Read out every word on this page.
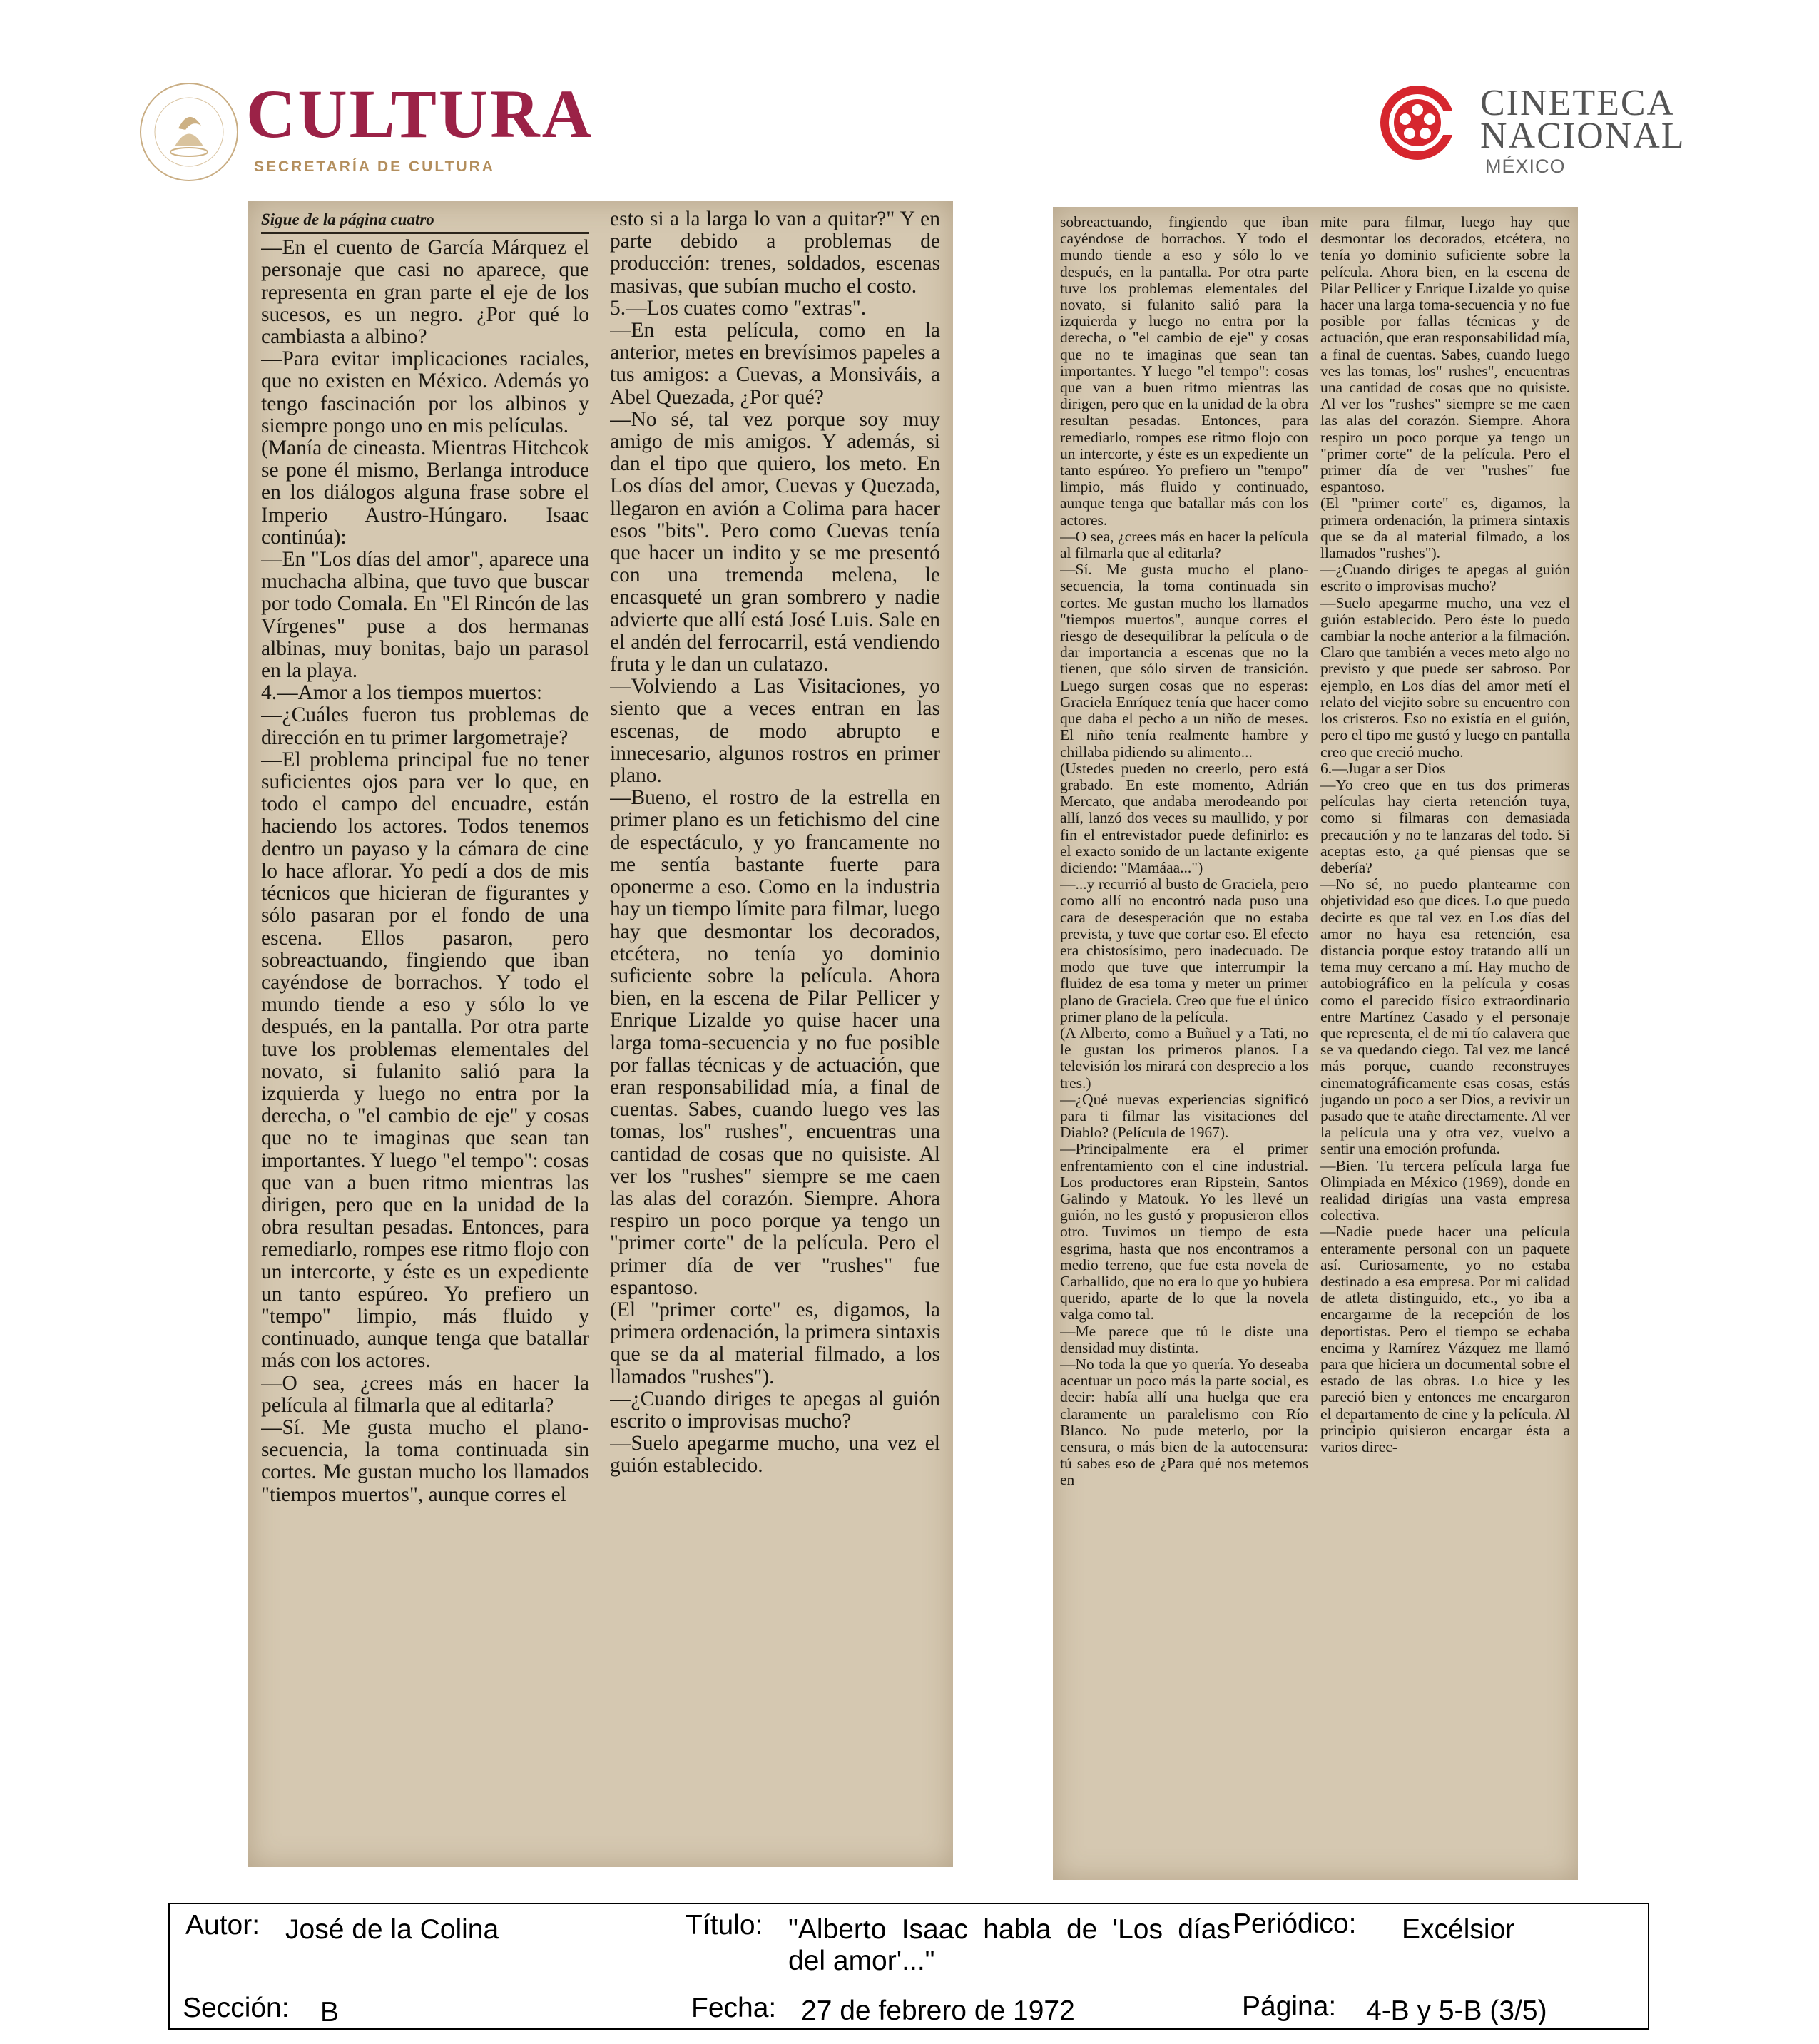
CULTURA
SECRETARÍA DE CULTURA
CINETECA
NACIONAL
MÉXICO
Sigue de la página cuatro
—En el cuento de García Márquez el personaje que casi no aparece, que representa en gran parte el eje de los sucesos, es un negro. ¿Por qué lo cambiasta a albino?
—Para evitar implicaciones raciales, que no existen en México. Además yo tengo fascinación por los albinos y siempre pongo uno en mis películas.
(Manía de cineasta. Mientras Hitchcok se pone él mismo, Berlanga introduce en los diálogos alguna frase sobre el Imperio Austro-Húngaro. Isaac continúa):
—En "Los días del amor", aparece una muchacha albina, que tuvo que buscar por todo Comala. En "El Rincón de las Vírgenes" puse a dos hermanas albinas, muy bonitas, bajo un parasol en la playa.
4.—Amor a los tiempos muertos:
—¿Cuáles fueron tus problemas de dirección en tu primer largometraje?
—El problema principal fue no tener suficientes ojos para ver lo que, en todo el campo del encuadre, están haciendo los actores. Todos tenemos dentro un payaso y la cámara de cine lo hace aflorar. Yo pedí a dos de mis técnicos que hicieran de figurantes y sólo pasaran por el fondo de una escena. Ellos pasaron, pero sobreactuando, fingiendo que iban cayéndose de borrachos. Y todo el mundo tiende a eso y sólo lo ve después, en la pantalla. Por otra parte tuve los problemas elementales del novato, si fulanito salió para la izquierda y luego no entra por la derecha, o "el cambio de eje" y cosas que no te imaginas que sean tan importantes. Y luego "el tempo": cosas que van a buen ritmo mientras las dirigen, pero que en la unidad de la obra resultan pesadas. Entonces, para remediarlo, rompes ese ritmo flojo con un intercorte, y éste es un expediente un tanto espúreo. Yo prefiero un "tempo" limpio, más fluido y continuado, aunque tenga que batallar más con los actores.
—O sea, ¿crees más en hacer la película al filmarla que al editarla?
—Sí. Me gusta mucho el plano-secuencia, la toma continuada sin cortes. Me gustan mucho los llamados "tiempos muertos", aunque corres el
esto si a la larga lo van a quitar?" Y en parte debido a problemas de producción: trenes, soldados, escenas masivas, que subían mucho el costo.
5.—Los cuates como "extras".
—En esta película, como en la anterior, metes en brevísimos papeles a tus amigos: a Cuevas, a Monsiváis, a Abel Quezada, ¿Por qué?
—No sé, tal vez porque soy muy amigo de mis amigos. Y además, si dan el tipo que quiero, los meto. En Los días del amor, Cuevas y Quezada, llegaron en avión a Colima para hacer esos "bits". Pero como Cuevas tenía que hacer un indito y se me presentó con una tremenda melena, le encasqueté un gran sombrero y nadie advierte que allí está José Luis. Sale en el andén del ferrocarril, está vendiendo fruta y le dan un culatazo.
—Volviendo a Las Visitaciones, yo siento que a veces entran en las escenas, de modo abrupto e innecesario, algunos rostros en primer plano.
—Bueno, el rostro de la estrella en primer plano es un fetichismo del cine de espectáculo, y yo francamente no me sentía bastante fuerte para oponerme a eso. Como en la industria hay un tiempo límite para filmar, luego hay que desmontar los decorados, etcétera, no tenía yo dominio suficiente sobre la película. Ahora bien, en la escena de Pilar Pellicer y Enrique Lizalde yo quise hacer una larga toma-secuencia y no fue posible por fallas técnicas y de actuación, que eran responsabilidad mía, a final de cuentas. Sabes, cuando luego ves las tomas, los" rushes", encuentras una cantidad de cosas que no quisiste. Al ver los "rushes" siempre se me caen las alas del corazón. Siempre. Ahora respiro un poco porque ya tengo un "primer corte" de la película. Pero el primer día de ver "rushes" fue espantoso.
(El "primer corte" es, digamos, la primera ordenación, la primera sintaxis que se da al material filmado, a los llamados "rushes").
—¿Cuando diriges te apegas al guión escrito o improvisas mucho?
—Suelo apegarme mucho, una vez el guión establecido.
sobreactuando, fingiendo que iban cayéndose de borrachos. Y todo el mundo tiende a eso y sólo lo ve después, en la pantalla. Por otra parte tuve los problemas elementales del novato, si fulanito salió para la izquierda y luego no entra por la derecha, o "el cambio de eje" y cosas que no te imaginas que sean tan importantes. Y luego "el tempo": cosas que van a buen ritmo mientras las dirigen, pero que en la unidad de la obra resultan pesadas. Entonces, para remediarlo, rompes ese ritmo flojo con un intercorte, y éste es un expediente un tanto espúreo. Yo prefiero un "tempo" limpio, más fluido y continuado, aunque tenga que batallar más con los actores.
—O sea, ¿crees más en hacer la película al filmarla que al editarla?
—Sí. Me gusta mucho el plano-secuencia, la toma continuada sin cortes. Me gustan mucho los llamados "tiempos muertos", aunque corres el riesgo de desequilibrar la película o de dar importancia a escenas que no la tienen, que sólo sirven de transición. Luego surgen cosas que no esperas: Graciela Enríquez tenía que hacer como que daba el pecho a un niño de meses. El niño tenía realmente hambre y chillaba pidiendo su alimento...
(Ustedes pueden no creerlo, pero está grabado. En este momento, Adrián Mercato, que andaba merodeando por allí, lanzó dos veces su maullido, y por fin el entrevistador puede definirlo: es el exacto sonido de un lactante exigente diciendo: "Mamáaa...")
—...y recurrió al busto de Graciela, pero como allí no encontró nada puso una cara de desesperación que no estaba prevista, y tuve que cortar eso. El efecto era chistosísimo, pero inadecuado. De modo que tuve que interrumpir la fluidez de esa toma y meter un primer plano de Graciela. Creo que fue el único primer plano de la película.
(A Alberto, como a Buñuel y a Tati, no le gustan los primeros planos. La televisión los mirará con desprecio a los tres.)
—¿Qué nuevas experiencias significó para ti filmar las visitaciones del Diablo? (Película de 1967).
—Principalmente era el primer enfrentamiento con el cine industrial. Los productores eran Ripstein, Santos Galindo y Matouk. Yo les llevé un guión, no les gustó y propusieron ellos otro. Tuvimos un tiempo de esta esgrima, hasta que nos encontramos a medio terreno, que fue esta novela de Carballido, que no era lo que yo hubiera querido, aparte de lo que la novela valga como tal.
—Me parece que tú le diste una densidad muy distinta.
—No toda la que yo quería. Yo deseaba acentuar un poco más la parte social, es decir: había allí una huelga que era claramente un paralelismo con Río Blanco. No pude meterlo, por la censura, o más bien de la autocensura: tú sabes eso de ¿Para qué nos metemos en
mite para filmar, luego hay que desmontar los decorados, etcétera, no tenía yo dominio suficiente sobre la película. Ahora bien, en la escena de Pilar Pellicer y Enrique Lizalde yo quise hacer una larga toma-secuencia y no fue posible por fallas técnicas y de actuación, que eran responsabilidad mía, a final de cuentas. Sabes, cuando luego ves las tomas, los" rushes", encuentras una cantidad de cosas que no quisiste. Al ver los "rushes" siempre se me caen las alas del corazón. Siempre. Ahora respiro un poco porque ya tengo un "primer corte" de la película. Pero el primer día de ver "rushes" fue espantoso.
(El "primer corte" es, digamos, la primera ordenación, la primera sintaxis que se da al material filmado, a los llamados "rushes").
—¿Cuando diriges te apegas al guión escrito o improvisas mucho?
—Suelo apegarme mucho, una vez el guión establecido. Pero éste lo puedo cambiar la noche anterior a la filmación. Claro que también a veces meto algo no previsto y que puede ser sabroso. Por ejemplo, en Los días del amor metí el relato del viejito sobre su encuentro con los cristeros. Eso no existía en el guión, pero el tipo me gustó y luego en pantalla creo que creció mucho.
6.—Jugar a ser Dios
—Yo creo que en tus dos primeras películas hay cierta retención tuya, como si filmaras con demasiada precaución y no te lanzaras del todo. Si aceptas esto, ¿a qué piensas que se debería?
—No sé, no puedo plantearme con objetividad eso que dices. Lo que puedo decirte es que tal vez en Los días del amor no haya esa retención, esa distancia porque estoy tratando allí un tema muy cercano a mí. Hay mucho de autobiográfico en la película y cosas como el parecido físico extraordinario entre Martínez Casado y el personaje que representa, el de mi tío calavera que se va quedando ciego. Tal vez me lancé más porque, cuando reconstruyes cinematográficamente esas cosas, estás jugando un poco a ser Dios, a revivir un pasado que te atañe directamente. Al ver la película una y otra vez, vuelvo a sentir una emoción profunda.
—Bien. Tu tercera película larga fue Olimpiada en México (1969), donde en realidad dirigías una vasta empresa colectiva.
—Nadie puede hacer una película enteramente personal con un paquete así. Curiosamente, yo no estaba destinado a esa empresa. Por mi calidad de atleta distinguido, etc., yo iba a encargarme de la recepción de los deportistas. Pero el tiempo se echaba encima y Ramírez Vázquez me llamó para que hiciera un documental sobre el estado de las obras. Lo hice y les pareció bien y entonces me encargaron el departamento de cine y la película. Al principio quisieron encargar ésta a varios direc-
Autor: José de la Colina	Título: "Alberto Isaac habla de 'Los días del amor'..."
Periódico: Excélsior
Sección: B	Fecha: 27 de febrero de 1972	Página: 4-B y 5-B (3/5)
